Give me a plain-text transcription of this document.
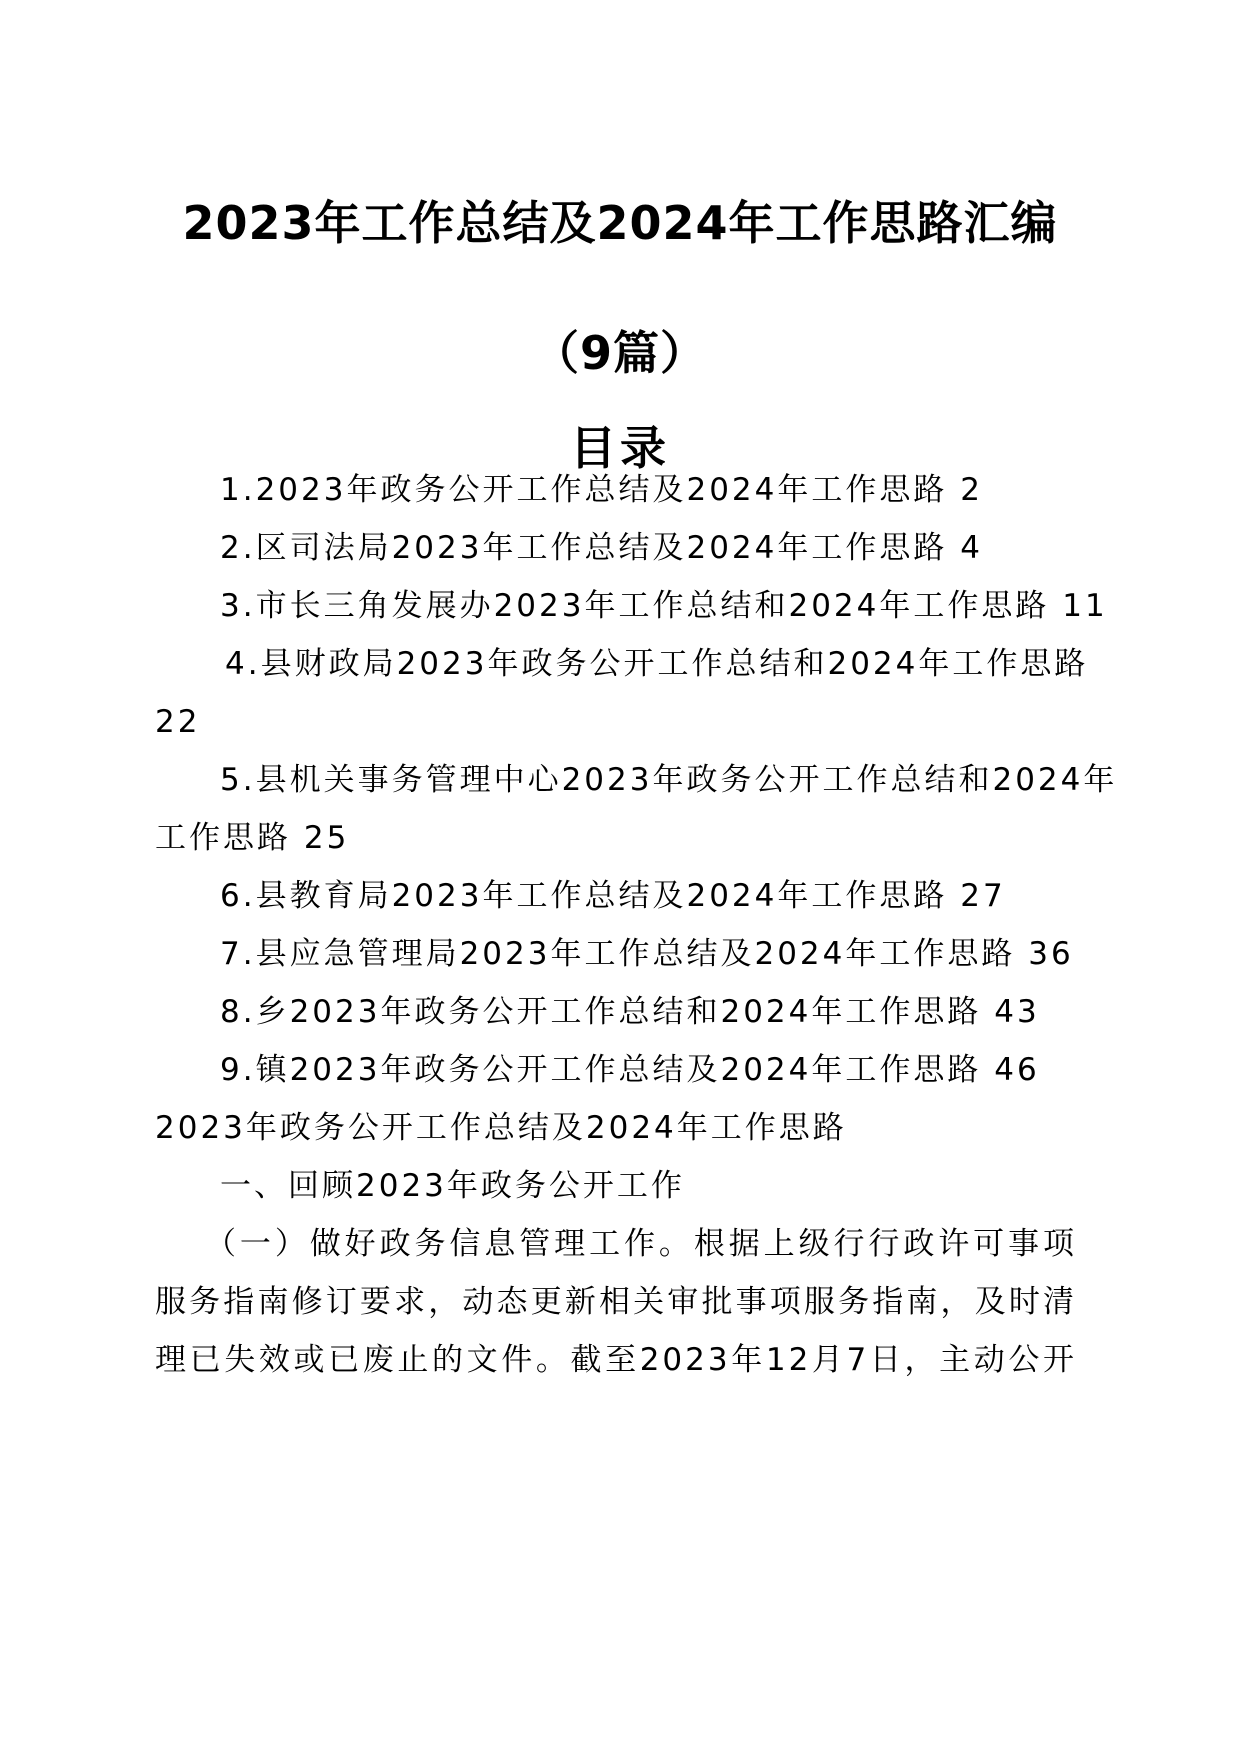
2023年工作总结及2024年工作思路汇编
（9篇）
目录
1.2023年政务公开工作总结及2024年工作思路 2
2.区司法局2023年工作总结及2024年工作思路 4
3.市长三角发展办2023年工作总结和2024年工作思路 11
4.县财政局2023年政务公开工作总结和2024年工作思路
22
5.县机关事务管理中心2023年政务公开工作总结和2024年
工作思路 25
6.县教育局2023年工作总结及2024年工作思路 27
7.县应急管理局2023年工作总结及2024年工作思路 36
8.乡2023年政务公开工作总结和2024年工作思路 43
9.镇2023年政务公开工作总结及2024年工作思路 46
2023年政务公开工作总结及2024年工作思路
一、回顾2023年政务公开工作
（一）做好政务信息管理工作。根据上级行行政许可事项
服务指南修订要求，动态更新相关审批事项服务指南，及时清
理已失效或已废止的文件。截至2023年12月7日，主动公开
